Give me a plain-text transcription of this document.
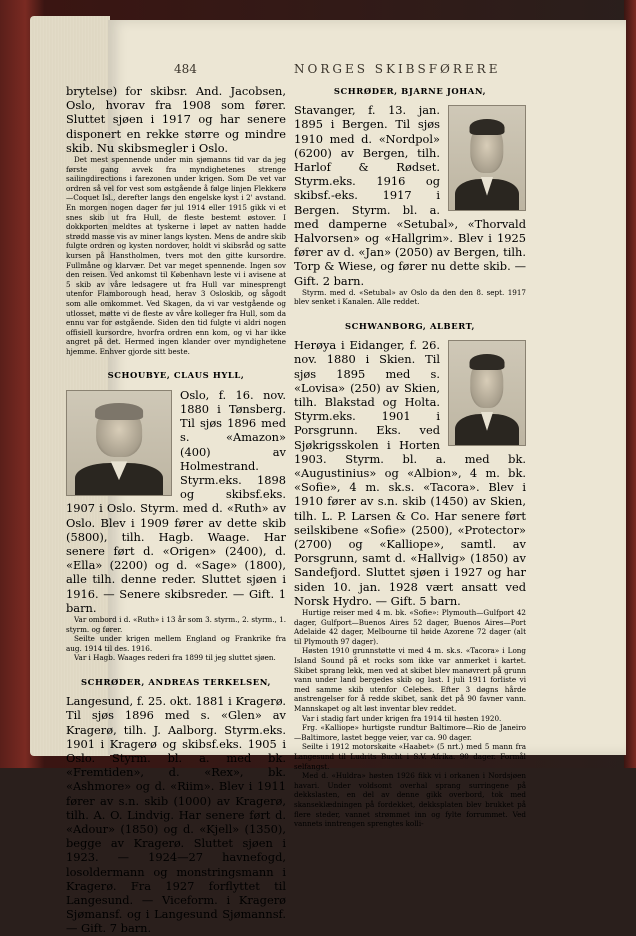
484	NORGES SKIBSFØRERE

brytelse) for skibsr. And. Jacobsen, Oslo, hvorav fra 1908 som fører. Sluttet sjøen i 1917 og har senere disponert en rekke større og mindre skib. Nu skibsmegler i Oslo.

Det mest spennende under min sjømanns tid var da jeg første gang avvek fra myndighetenes strenge sailingdirections i farezonen under krigen. Som De vet var ordren så vel for vest som østgående å følge linjen Flekkerø—Coquet Isl., derefter langs den engelske kyst i 2' avstand. En morgen nogen dager før jul 1914 eller 1915 gikk vi et snes skib ut fra Hull, de fleste bestemt østover. I dokkporten meldtes at tyskerne i løpet av natten hadde strødd masse vis av miner langs kysten. Mens de andre skib fulgte ordren og kysten nordover, holdt vi skibsråd og satte kursen på Hanstholmen, tvers mot den gitte kursordre. Fullmåne og klarvær. Det var meget spennende. Ingen sov den reisen. Ved ankomst til København leste vi i avisene at 5 skib av våre ledsagere ut fra Hull var minesprengt utenfor Flamborough head, herav 3 Osloskib, og sågodt som alle omkommet. Ved Skagen, da vi var vestgående og utlosset, møtte vi de fleste av våre kolleger fra Hull, som da ennu var for østgående. Siden den tid fulgte vi aldri nogen offisiell kursordre, hvorfra ordren enn kom, og vi har ikke angret på det. Hermed ingen klander over myndighetene hjemme. Enhver gjorde sitt beste.

SCHOUBYE, CLAUS HYLL,

Oslo, f. 16. nov. 1880 i Tønsberg. Til sjøs 1896 med s. «Amazon» (400) av Holmestrand. Styrm.eks. 1898 og skibsf.eks. 1907 i Oslo. Styrm. med d. «Ruth» av Oslo. Blev i 1909 fører av dette skib (5800), tilh. Hagb. Waage. Har senere ført d. «Origen» (2400), d. «Ella» (2200) og d. «Sage» (1800), alle tilh. denne reder. Sluttet sjøen i 1916. — Senere skibsreder. — Gift. 1 barn.

Var ombord i d. «Ruth» i 13 år som 3. styrm., 2. styrm., 1. styrm. og fører.

Seilte under krigen mellem England og Frankrike fra aug. 1914 til des. 1916.

Var i Hagb. Waages rederi fra 1899 til jeg sluttet sjøen.

SCHRØDER, ANDREAS TERKELSEN,

Langesund, f. 25. okt. 1881 i Kragerø. Til sjøs 1896 med s. «Glen» av Kragerø, tilh. J. Aalborg. Styrm.eks. 1901 i Kragerø og skibsf.eks. 1905 i Oslo. Styrm. bl. a. med bk. «Fremtiden», d. «Rex», bk. «Ashmore» og d. «Riim». Blev i 1911 fører av s.n. skib (1000) av Kragerø, tilh. A. O. Lindvig. Har senere ført d. «Adour» (1850) og d. «Kjell» (1350), begge av Kragerø. Sluttet sjøen i 1923. — 1924—27 havnefogd, losoldermann og monstringsmann i Kragerø. Fra 1927 forflyttet til Langesund. — Viceform. i Kragerø Sjømansf. og i Langesund Sjømannsf. — Gift. 7 barn.

SCHRØDER, BJARNE JOHAN,

Stavanger, f. 13. jan. 1895 i Bergen. Til sjøs 1910 med d. «Nordpol» (6200) av Bergen, tilh. Harlof & Rødset. Styrm.eks. 1916 og skibsf.-eks. 1917 i Bergen. Styrm. bl. a. med damperne «Setubal», «Thorvald Halvorsen» og «Hallgrim». Blev i 1925 fører av d. «Jan» (2050) av Bergen, tilh. Torp & Wiese, og fører nu dette skib. — Gift. 2 barn.

Styrm. med d. «Setubal» av Oslo da den den 8. sept. 1917 blev senket i Kanalen. Alle reddet.

SCHWANBORG, ALBERT,

Herøya i Eidanger, f. 26. nov. 1880 i Skien. Til sjøs 1895 med s. «Lovisa» (250) av Skien, tilh. Blakstad og Holta. Styrm.eks. 1901 i Porsgrunn. Eks. ved Sjøkrigsskolen i Horten 1903. Styrm. bl. a. med bk. «Augustinius» og «Albion», 4 m. bk. «Sofie», 4 m. sk.s. «Tacora». Blev i 1910 fører av s.n. skib (1450) av Skien, tilh. L. P. Larsen & Co. Har senere ført seilskibene «Sofie» (2500), «Protector» (2700) og «Kalliope», samtl. av Porsgrunn, samt d. «Hallvig» (1850) av Sandefjord. Sluttet sjøen i 1927 og har siden 10. jan. 1928 vært ansatt ved Norsk Hydro. — Gift. 5 barn.

Hurtige reiser med 4 m. bk. «Sofie»: Plymouth—Gulfport 42 dager, Gulfport—Buenos Aires 52 dager, Buenos Aires—Port Adelaide 42 dager, Melbourne til høide Azorene 72 dager (alt til Plymouth 97 dager).

Høsten 1910 grunnstøtte vi med 4 m. sk.s. «Tacora» i Long Island Sound på et rocks som ikke var anmerket i kartet. Skibet sprang lekk, men ved at skibet blev manøvrert på grunn vann under land bergedes skib og last. I juli 1911 forliste vi med samme skib utenfor Celebes. Efter 3 døgns hårde anstrengelser for å redde skibet, sank det på 90 favner vann. Mannskapet og alt løst inventar blev reddet.

Var i stadig fart under krigen fra 1914 til høsten 1920.

Frg. «Kalliope» hurtigste rundtur Baltimore—Rio de Janeiro—Baltimore, lastet begge veier, var ca. 90 dager.

Seilte i 1912 motorskøite «Haabet» (5 nrt.) med 5 mann fra Langesund til Ludrits Bucht i S.V. Afrika. 90 dager. Formål selfangst.

Med d. «Huldra» høsten 1926 fikk vi i orkanen i Nordsjøen havari. Under voldsomt overhal sprang surringene på dekkslasten, en del av denne gikk overbord, tok med skanseklædningen på fordekket, dekksplaten blev brukket på flere steder, vannet strømmet inn og fylte forrummet. Ved vannets inntrengen sprengtes kolli-
